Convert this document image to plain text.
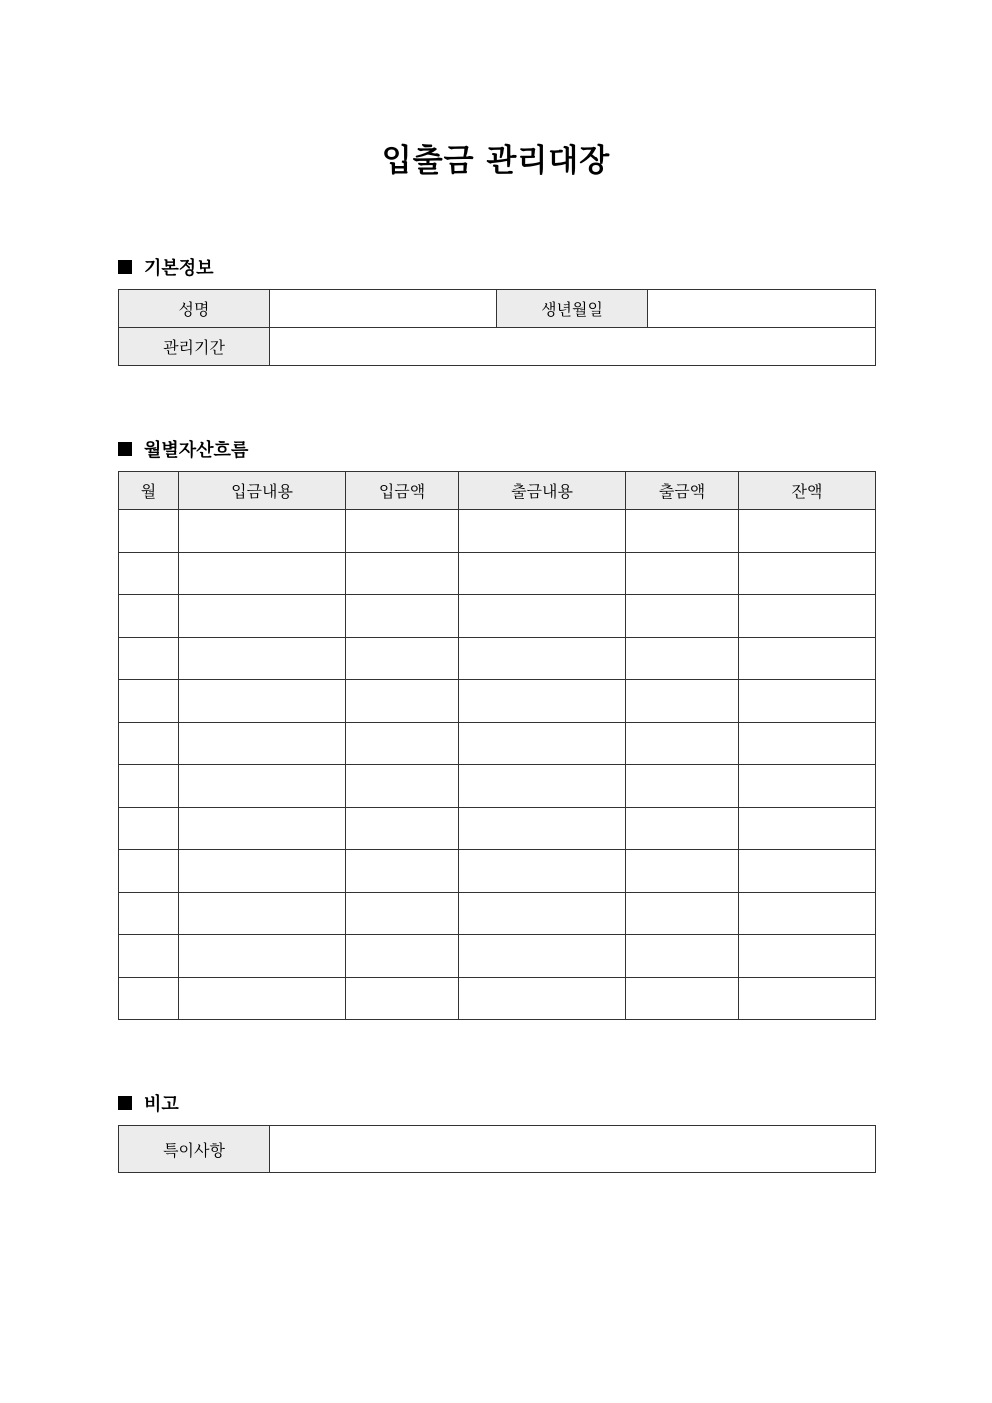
입출금 관리대장
기본정보
성명		생년월일	
관리기간			
월별자산흐름
월	입금내용	입금액	출금내용	출금액	잔액

비고
특이사항	
